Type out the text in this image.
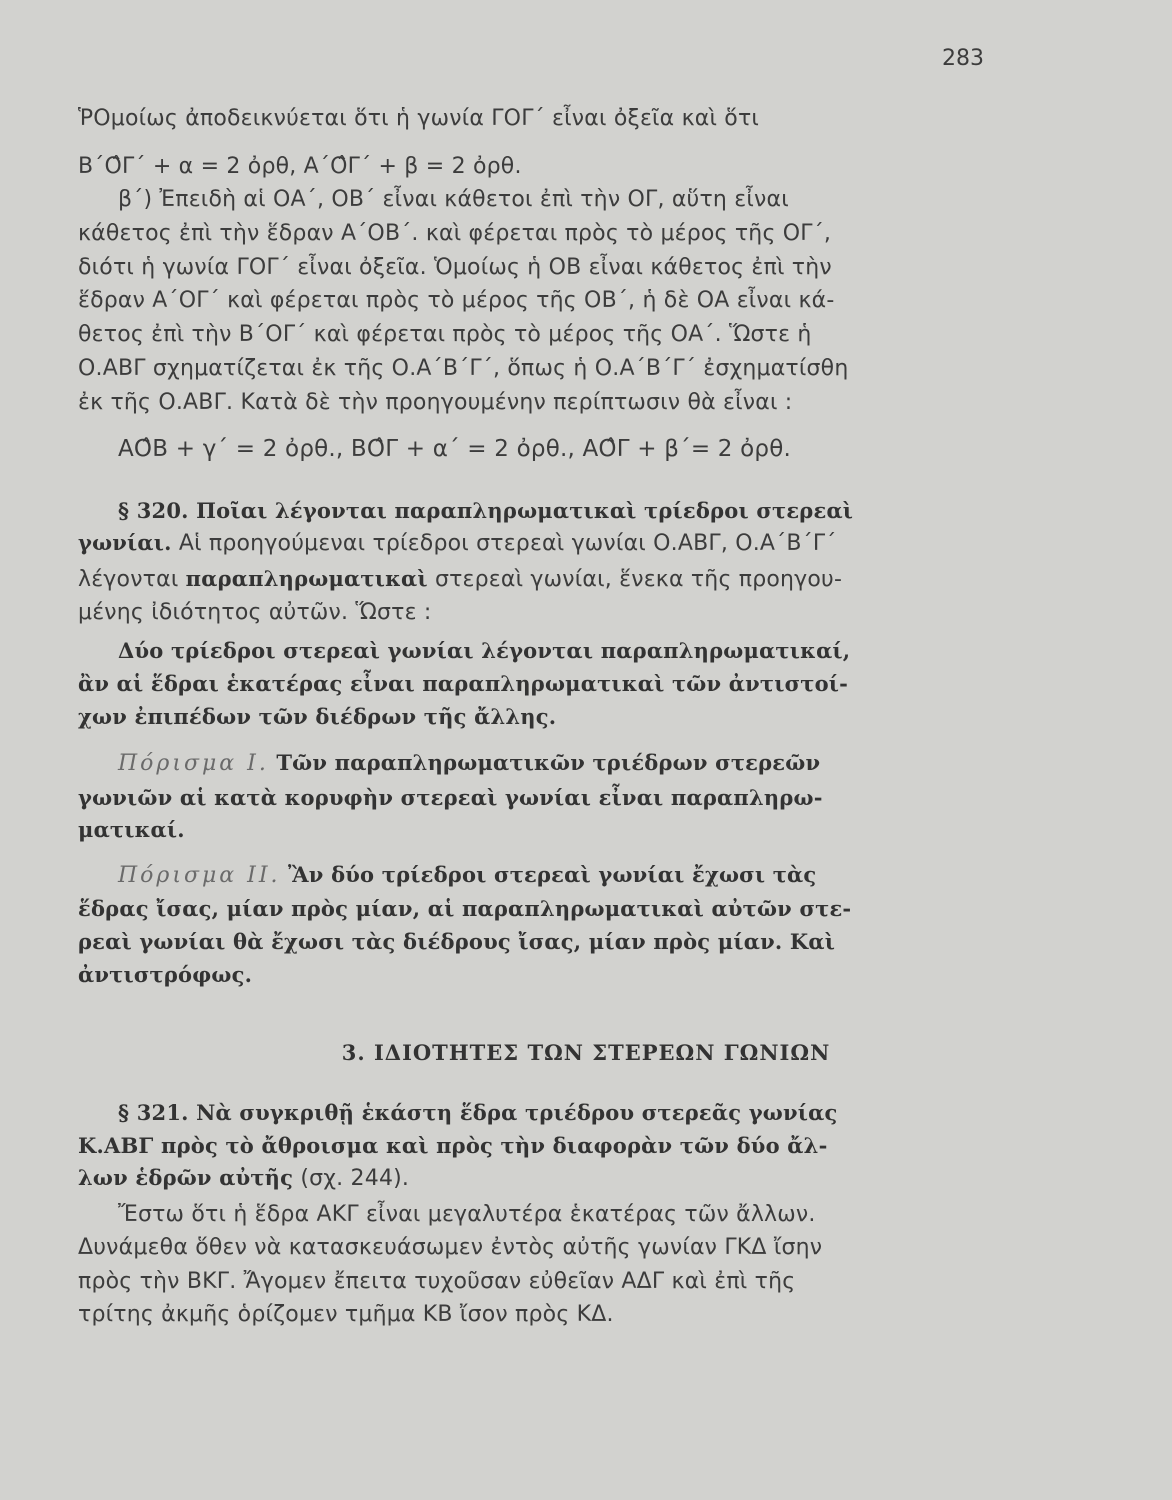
283
ῬΟμοίως ἀποδεικνύεται ὅτι ἡ γωνία ΓΟΓ΄ εἶναι ὀξεῖα καὶ ὅτι
Β΄Ο̂Γ΄ + α = 2 ὀρθ, Α΄Ο̂Γ΄ + β = 2 ὀρθ.
β΄) Ἐπειδὴ αἱ ΟΑ΄, ΟΒ΄ εἶναι κάθετοι ἐπὶ τὴν ΟΓ, αὕτη εἶναι
κάθετος ἐπὶ τὴν ἕδραν Α΄ΟΒ΄. καὶ φέρεται πρὸς τὸ μέρος τῆς ΟΓ΄,
διότι ἡ γωνία ΓΟΓ΄ εἶναι ὀξεῖα. Ὁμοίως ἡ ΟΒ εἶναι κάθετος ἐπὶ τὴν
ἕδραν Α΄ΟΓ΄ καὶ φέρεται πρὸς τὸ μέρος τῆς ΟΒ΄, ἡ δὲ ΟΑ εἶναι κά-
θετος ἐπὶ τὴν Β΄ΟΓ΄ καὶ φέρεται πρὸς τὸ μέρος τῆς ΟΑ΄. Ὥστε ἡ
Ο.ΑΒΓ σχηματίζεται ἐκ τῆς Ο.Α΄Β΄Γ΄, ὅπως ἡ Ο.Α΄Β΄Γ΄ ἐσχηματίσθη
ἐκ τῆς Ο.ΑΒΓ. Κατὰ δὲ τὴν προηγουμένην περίπτωσιν θὰ εἶναι :
ΑΟ̂Β + γ΄ = 2 ὀρθ., ΒΟ̂Γ + α΄ = 2 ὀρθ., ΑΟ̂Γ + β΄= 2 ὀρθ.
§ 320. Ποῖαι λέγονται παραπληρωματικαὶ τρίεδροι στερεαὶ
γωνίαι. Αἱ προηγούμεναι τρίεδροι στερεαὶ γωνίαι Ο.ΑΒΓ, Ο.Α΄Β΄Γ΄
λέγονται παραπληρωματικαὶ στερεαὶ γωνίαι, ἕνεκα τῆς προηγου-
μένης ἰδιότητος αὐτῶν. Ὥστε :
Δύο τρίεδροι στερεαὶ γωνίαι λέγονται παραπληρωματικαί,
ἂν αἱ ἕδραι ἑκατέρας εἶναι παραπληρωματικαὶ τῶν ἀντιστοί-
χων ἐπιπέδων τῶν διέδρων τῆς ἄλλης.
Πόρισμα Ι. Τῶν παραπληρωματικῶν τριέδρων στερεῶν
γωνιῶν αἱ κατὰ κορυφὴν στερεαὶ γωνίαι εἶναι παραπληρω-
ματικαί.
Πόρισμα ΙΙ. Ἂν δύο τρίεδροι στερεαὶ γωνίαι ἔχωσι τὰς
ἕδρας ἴσας, μίαν πρὸς μίαν, αἱ παραπληρωματικαὶ αὐτῶν στε-
ρεαὶ γωνίαι θὰ ἔχωσι τὰς διέδρους ἴσας, μίαν πρὸς μίαν. Καὶ
ἀντιστρόφως.
3. ΙΔΙΟΤΗΤΕΣ ΤΩΝ ΣΤΕΡΕΩΝ ΓΩΝΙΩΝ
§ 321. Νὰ συγκριθῇ ἑκάστη ἕδρα τριέδρου στερεᾶς γωνίας
Κ.ΑΒΓ πρὸς τὸ ἄθροισμα καὶ πρὸς τὴν διαφορὰν τῶν δύο ἄλ-
λων ἑδρῶν αὐτῆς (σχ. 244).
Ἔστω ὅτι ἡ ἕδρα ΑΚΓ εἶναι μεγαλυτέρα ἑκατέρας τῶν ἄλλων.
Δυνάμεθα ὅθεν νὰ κατασκευάσωμεν ἐντὸς αὐτῆς γωνίαν ΓΚΔ ἴσην
πρὸς τὴν ΒΚΓ. Ἄγομεν ἔπειτα τυχοῦσαν εὐθεῖαν ΑΔΓ καὶ ἐπὶ τῆς
τρίτης ἀκμῆς ὁρίζομεν τμῆμα ΚΒ ἴσον πρὸς ΚΔ.
